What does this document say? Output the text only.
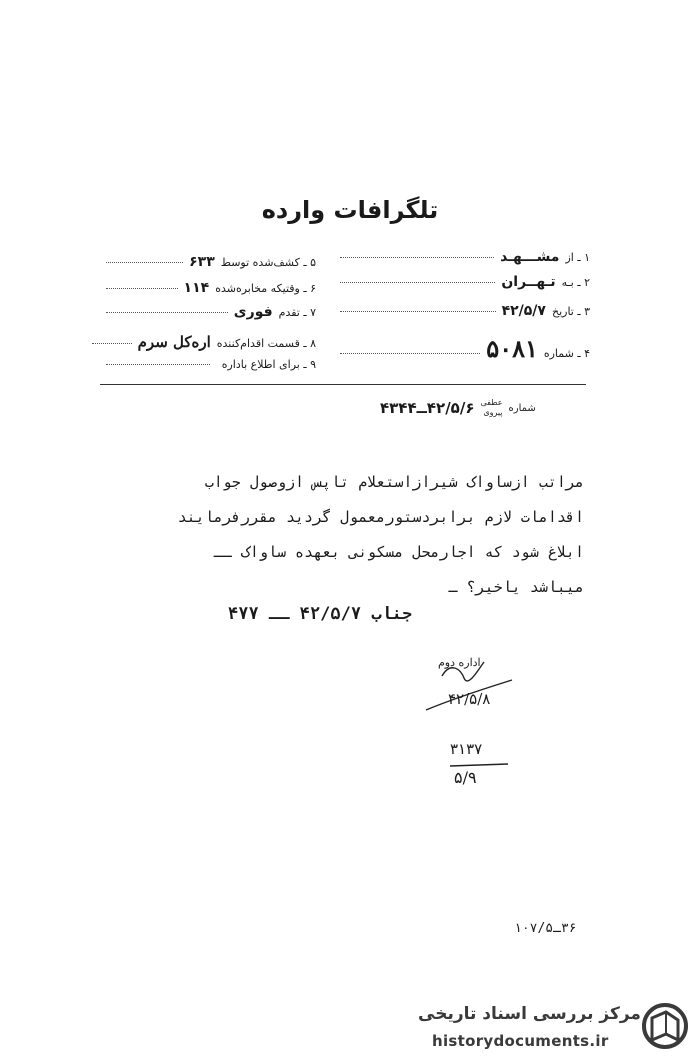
تلگرافات وارده
۱ ـ از
مشـــهـد
۲ ـ بـه
تـهــران
۳ ـ تاریخ
۴۲/۵/۷
۴ ـ شماره
۵۰۸۱
۵ ـ کشف‌شده توسط
۶۳۳
۶ ـ وقتیکه مخابره‌شده
۱۱۴
۷ ـ تقدم
فوری
۸ ـ قسمت اقدام‌کننده
اره‌کل سرم
۹ ـ برای اطلاع باداره
شماره
عطفی
پیروی
۴۲/۵/۶ــ۴۳۴۴
مراتب ازساواک شیرازاستعلام تاپس ازوصول جواب
اقدامات لازم برابردستورمعمول گردید مقررفرمایند
ابلاغ شود که اجارمحل مسکونی بعهده ساواک ــ
میباشد یاخیر؟ ـ
جناب ۴۲/۵/۷ ــ ۴۷۷
اداره دوم
۴۲/۵/۸
۳۱۳۷
۵/۹
۳۶ـ۱۰۷/۵
مرکز بررسی اسناد تاریخی
historydocuments.ir
